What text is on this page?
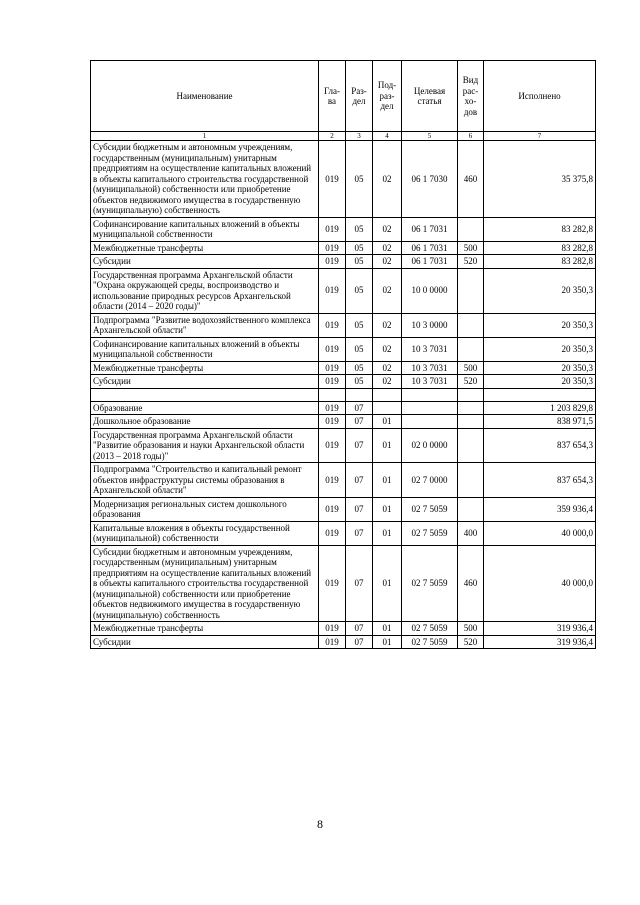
Наименование	Гла-ва	Раз-дел	Под-раз-дел	Целевая статья	Вид рас-хо-дов	Исполнено
1	2	3	4	5	6	7
Субсидии бюджетным и автономным учреждениям, государственным (муниципальным) унитарным предприятиям на осуществление капитальных вложений в объекты капитального строительства государственной (муниципальной) собственности или приобретение объектов недвижимого имущества в государственную (муниципальную) собственность	019	05	02	06 1 7030	460	35 375,8
Софинансирование капитальных вложений в объекты муниципальной собственности	019	05	02	06 1 7031		83 282,8
Межбюджетные трансферты	019	05	02	06 1 7031	500	83 282,8
Субсидии	019	05	02	06 1 7031	520	83 282,8
Государственная программа Архангельской области "Охрана окружающей среды, воспроизводство и использование природных ресурсов Архангельской области (2014 – 2020 годы)"	019	05	02	10 0 0000		20 350,3
Подпрограмма "Развитие водохозяйственного комплекса Архангельской области"	019	05	02	10 3 0000		20 350,3
Софинансирование капитальных вложений в объекты муниципальной собственности	019	05	02	10 3 7031		20 350,3
Межбюджетные трансферты	019	05	02	10 3 7031	500	20 350,3
Субсидии	019	05	02	10 3 7031	520	20 350,3

Образование	019	07				1 203 829,8
Дошкольное образование	019	07	01			838 971,5
Государственная программа Архангельской области "Развитие образования и науки Архангельской области (2013 – 2018 годы)"	019	07	01	02 0 0000		837 654,3
Подпрограмма "Строительство и капитальный ремонт объектов инфраструктуры системы образования в Архангельской области"	019	07	01	02 7 0000		837 654,3
Модернизация региональных систем дошкольного образования	019	07	01	02 7 5059		359 936,4
Капитальные вложения в объекты государственной (муниципальной) собственности	019	07	01	02 7 5059	400	40 000,0
Субсидии бюджетным и автономным учреждениям, государственным (муниципальным) унитарным предприятиям на осуществление капитальных вложений в объекты капитального строительства государственной (муниципальной) собственности или приобретение объектов недвижимого имущества в государственную (муниципальную) собственность	019	07	01	02 7 5059	460	40 000,0
Межбюджетные трансферты	019	07	01	02 7 5059	500	319 936,4
Субсидии	019	07	01	02 7 5059	520	319 936,4
8
